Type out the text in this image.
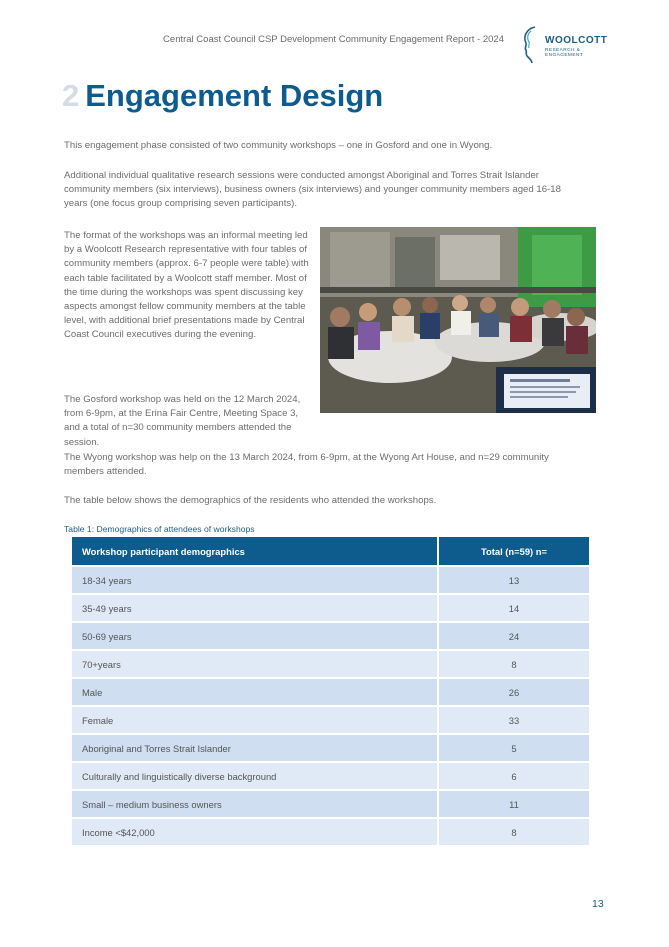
Central Coast Council CSP Development Community Engagement Report - 2024	WOOLCOTT
RESEARCH & ENGAGEMENT
2 Engagement Design
This engagement phase consisted of two community workshops – one in Gosford and one in Wyong.
Additional individual qualitative research sessions were conducted amongst Aboriginal and Torres Strait Islander community members (six interviews), business owners (six interviews) and younger community members aged 16-18 years (one focus group comprising seven participants).
The format of the workshops was an informal meeting led by a Woolcott Research representative with four tables of community members (approx. 6-7 people were table) with each table facilitated by a Woolcott staff member. Most of the time during the workshops was spent discussing key aspects amongst fellow community members at the table level, with additional brief presentations made by Central Coast Council executives during the evening.
The Gosford workshop was held on the 12 March 2024, from 6-9pm, at the Erina Fair Centre, Meeting Space 3, and a total of n=30 community members attended the session.
The Wyong workshop was help on the 13 March 2024, from 6-9pm, at the Wyong Art House, and n=29 community members attended.
The table below shows the demographics of the residents who attended the workshops.
Table 1: Demographics of attendees of workshops
Workshop participant demographics	Total (n=59) n=
18-34 years	13
35-49 years	14
50-69 years	24
70+years	8
Male	26
Female	33
Aboriginal and Torres Strait Islander	5
Culturally and linguistically diverse background	6
Small – medium business owners	11
Income <$42,000	8
13
